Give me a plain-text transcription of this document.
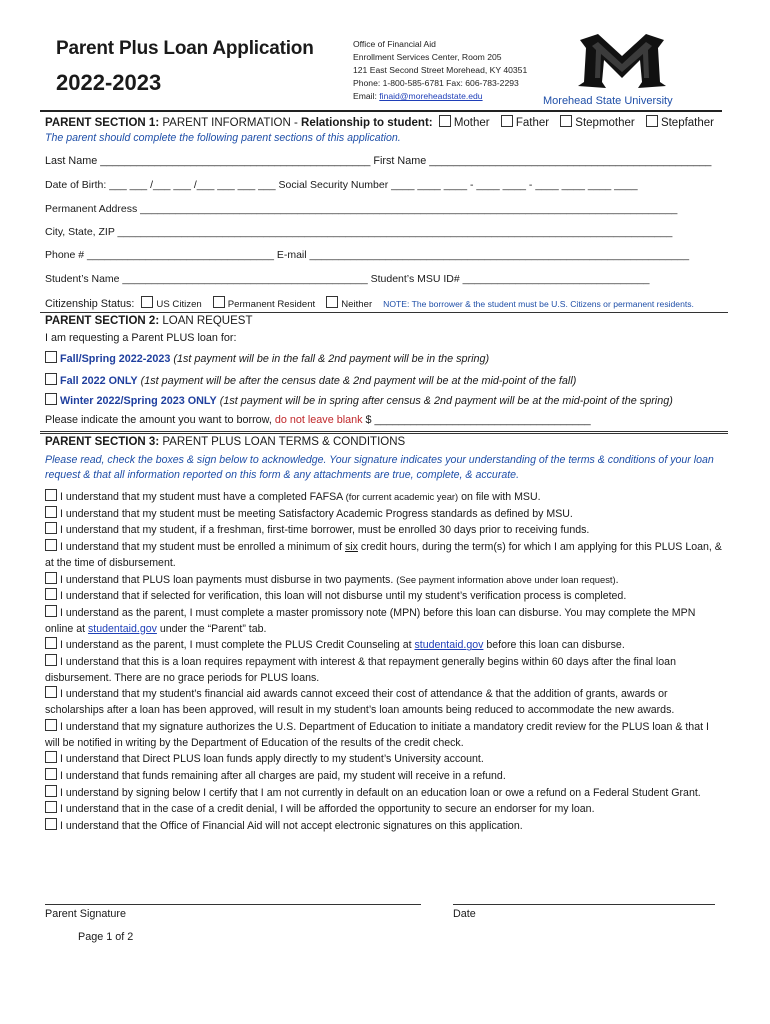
Parent Plus Loan Application
2022-2023
Office of Financial Aid
Enrollment Services Center, Room 205
121 East Second Street Morehead, KY 40351
Phone: 1-800-585-6781 Fax: 606-783-2293
Email: finaid@moreheadstate.edu	Morehead State University
PARENT SECTION 1: PARENT INFORMATION - Relationship to student: Mother Father Stepmother Stepfather
The parent should complete the following parent sections of this application.
Last Name _____________________________________________ First Name _______________________________________________
Date of Birth: ___ ___ /___ ___ /___ ___ ___ ___ Social Security Number ____ ____ ____ - ____ ____ - ____ ____ ____ ____
Permanent Address ____________________________________________________________________________________________
City, State, ZIP _______________________________________________________________________________________________
Phone # ________________________________ E-mail _________________________________________________________________
Student’s Name __________________________________________ Student’s MSU ID# ________________________________
Citizenship Status: US Citizen	Permanent Resident	Neither NOTE: The borrower & the student must be U.S. Citizens or permanent residents.
PARENT SECTION 2: LOAN REQUEST
I am requesting a Parent PLUS loan for:
Fall/Spring 2022-2023 (1st payment will be in the fall & 2nd payment will be in the spring)
Fall 2022 ONLY (1st payment will be after the census date & 2nd payment will be at the mid-point of the fall)
Winter 2022/Spring 2023 ONLY (1st payment will be in spring after census & 2nd payment will be at the mid-point of the spring)
Please indicate the amount you want to borrow, do not leave blank $ ____________________________________
PARENT SECTION 3: PARENT PLUS LOAN TERMS & CONDITIONS
Please read, check the boxes & sign below to acknowledge. Your signature indicates your understanding of the terms & conditions of your loan request & that all information reported on this form & any attachments are true, complete, & accurate.
I understand that my student must have a completed FAFSA (for current academic year) on file with MSU.
I understand that my student must be meeting Satisfactory Academic Progress standards as defined by MSU.
I understand that my student, if a freshman, first-time borrower, must be enrolled 30 days prior to receiving funds.
I understand that my student must be enrolled a minimum of six credit hours, during the term(s) for which I am applying for this PLUS Loan, & at the time of disbursement.
I understand that PLUS loan payments must disburse in two payments. (See payment information above under loan request).
I understand that if selected for verification, this loan will not disburse until my student’s verification process is completed.
I understand as the parent, I must complete a master promissory note (MPN) before this loan can disburse. You may complete the MPN online at studentaid.gov under the “Parent” tab.
I understand as the parent, I must complete the PLUS Credit Counseling at studentaid.gov before this loan can disburse.
I understand that this is a loan requires repayment with interest & that repayment generally begins within 60 days after the final loan disbursement. There are no grace periods for PLUS loans.
I understand that my student’s financial aid awards cannot exceed their cost of attendance & that the addition of grants, awards or scholarships after a loan has been approved, will result in my student’s loan amounts being reduced to accommodate the new awards.
I understand that my signature authorizes the U.S. Department of Education to initiate a mandatory credit review for the PLUS loan & that I will be notified in writing by the Department of Education of the results of the credit check.
I understand that Direct PLUS loan funds apply directly to my student’s University account.
I understand that funds remaining after all charges are paid, my student will receive in a refund.
I understand by signing below I certify that I am not currently in default on an education loan or owe a refund on a Federal Student Grant.
I understand that in the case of a credit denial, I will be afforded the opportunity to secure an endorser for my loan.
I understand that the Office of Financial Aid will not accept electronic signatures on this application.
Parent Signature	Date
Page 1 of 2
